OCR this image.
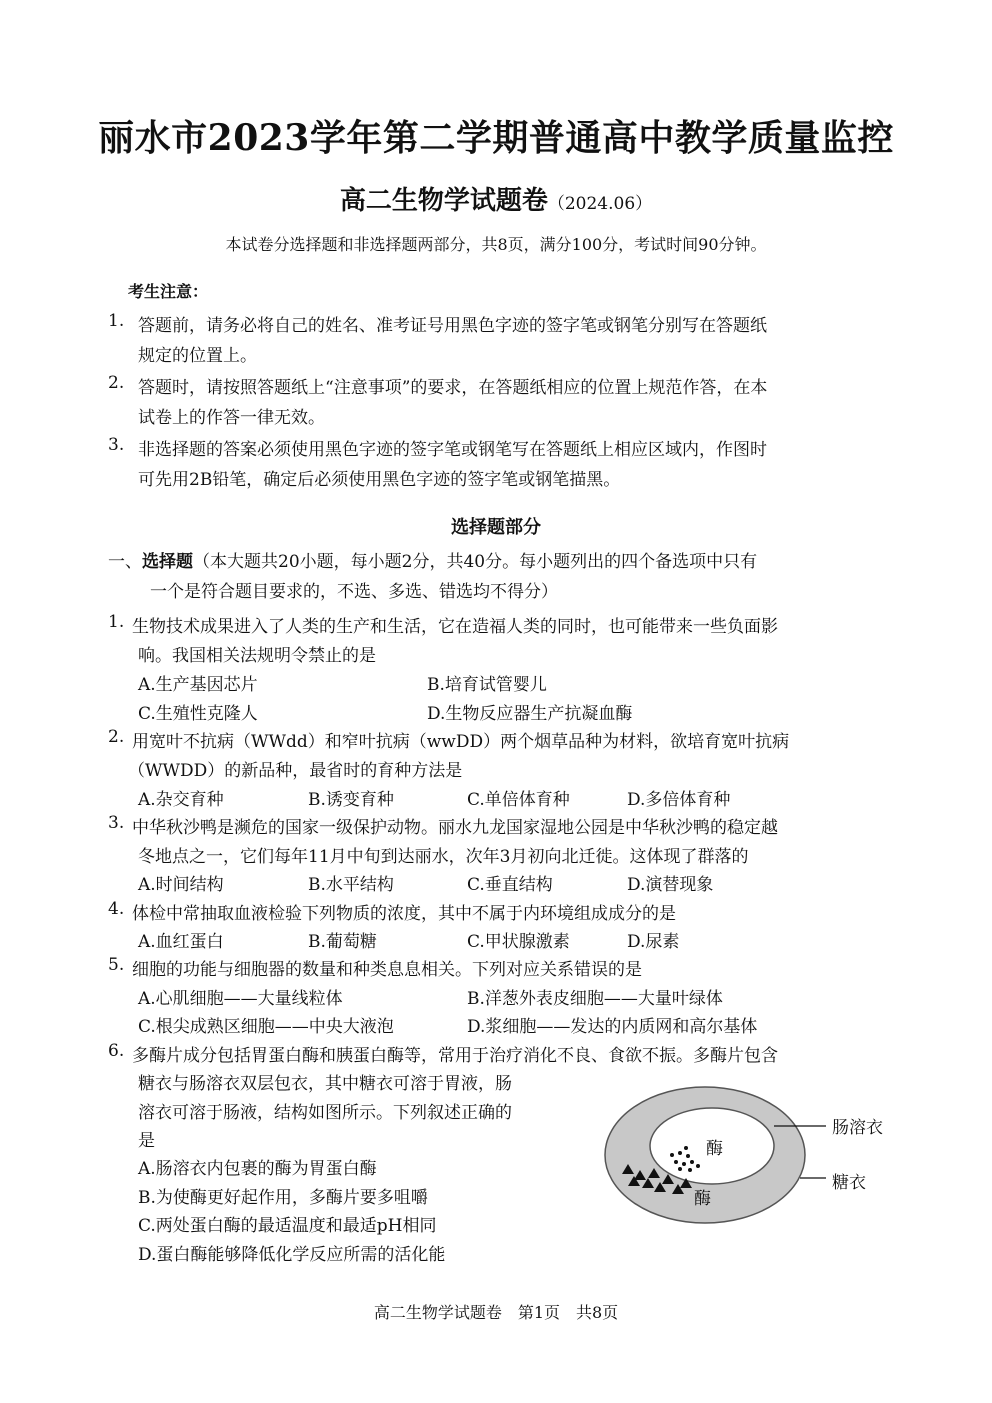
丽水市2023学年第二学期普通高中教学质量监控
高二生物学试题卷（2024.06）
本试卷分选择题和非选择题两部分，共8页，满分100分，考试时间90分钟。
考生注意：
1. 答题前，请务必将自己的姓名、准考证号用黑色字迹的签字笔或钢笔分别写在答题纸
规定的位置上。
2. 答题时，请按照答题纸上“注意事项”的要求，在答题纸相应的位置上规范作答，在本
试卷上的作答一律无效。
3. 非选择题的答案必须使用黑色字迹的签字笔或钢笔写在答题纸上相应区域内，作图时
可先用2B铅笔，确定后必须使用黑色字迹的签字笔或钢笔描黑。
选择题部分
一、选择题（本大题共20小题，每小题2分，共40分。每小题列出的四个备选项中只有
一个是符合题目要求的，不选、多选、错选均不得分）
1. 生物技术成果进入了人类的生产和生活，它在造福人类的同时，也可能带来一些负面影
响。我国相关法规明令禁止的是
A.生产基因芯片	B.培育试管婴儿
C.生殖性克隆人	D.生物反应器生产抗凝血酶
2. 用宽叶不抗病（WWdd）和窄叶抗病（wwDD）两个烟草品种为材料，欲培育宽叶抗病
（WWDD）的新品种，最省时的育种方法是
A.杂交育种	B.诱变育种	C.单倍体育种	D.多倍体育种
3. 中华秋沙鸭是濒危的国家一级保护动物。丽水九龙国家湿地公园是中华秋沙鸭的稳定越
冬地点之一，它们每年11月中旬到达丽水，次年3月初向北迁徙。这体现了群落的
A.时间结构	B.水平结构	C.垂直结构	D.演替现象
4. 体检中常抽取血液检验下列物质的浓度，其中不属于内环境组成成分的是
A.血红蛋白	B.葡萄糖	C.甲状腺激素	D.尿素
5. 细胞的功能与细胞器的数量和种类息息相关。下列对应关系错误的是
A.心肌细胞——大量线粒体	B.洋葱外表皮细胞——大量叶绿体
C.根尖成熟区细胞——中央大液泡	D.浆细胞——发达的内质网和高尔基体
6. 多酶片成分包括胃蛋白酶和胰蛋白酶等，常用于治疗消化不良、食欲不振。多酶片包含
糖衣与肠溶衣双层包衣，其中糖衣可溶于胃液，肠
溶衣可溶于肠液，结构如图所示。下列叙述正确的
是
A.肠溶衣内包裹的酶为胃蛋白酶
B.为使酶更好起作用，多酶片要多咀嚼
C.两处蛋白酶的最适温度和最适pH相同
D.蛋白酶能够降低化学反应所需的活化能
酶
酶
肠溶衣
糖衣
高二生物学试题卷　第1页　共8页
